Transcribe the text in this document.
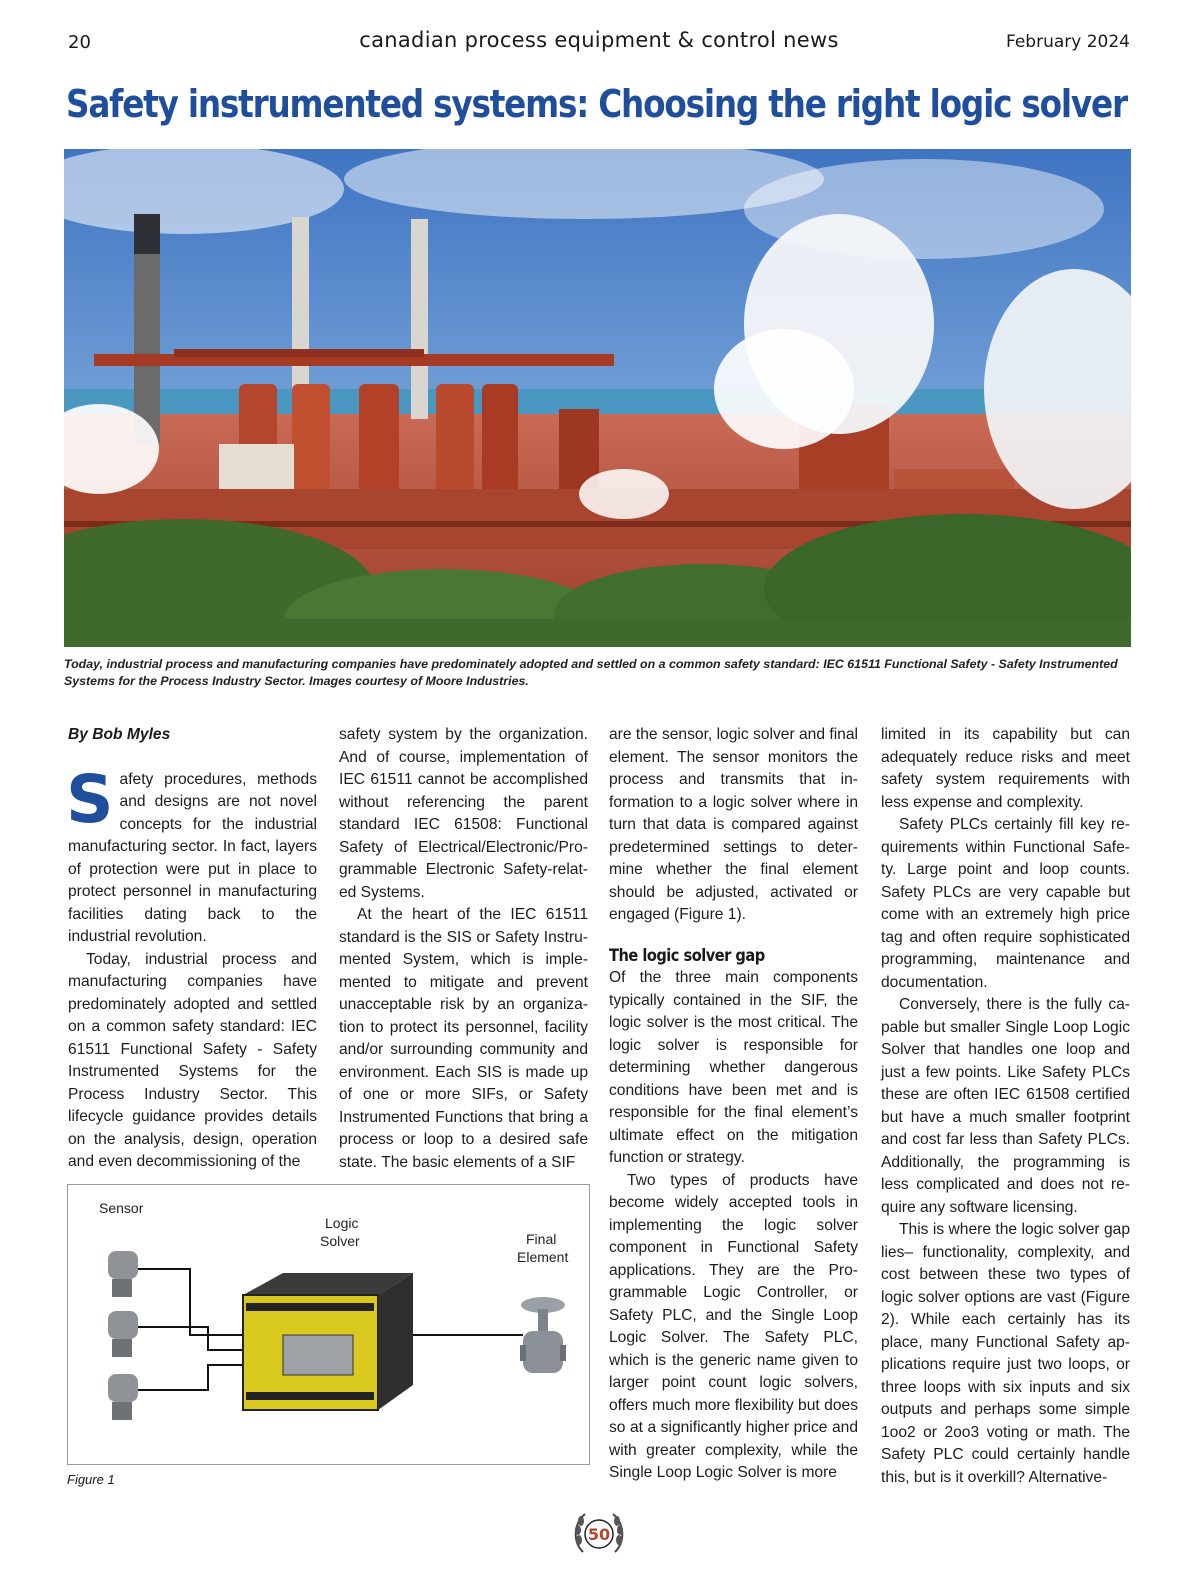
20	canadian process equipment & control news	February 2024
Safety instrumented systems: Choosing the right logic solver

Today, industrial process and manufacturing companies have predominately adopted and settled on a common safety standard: IEC 61511 Functional Safety - Safety Instrumented Systems for the Process Industry Sector. Images courtesy of Moore Industries.

By Bob Myles

Safety procedures, methods and designs are not novel concepts for the industrial manufacturing sector. In fact, layers of protection were put in place to protect personnel in manufacturing facilities dating back to the industrial revolution.

Today, industrial process and manufacturing companies have predominately adopted and settled on a common safety standard: IEC 61511 Functional Safety - Safety Instrumented Systems for the Process Industry Sector. This lifecycle guidance provides details on the analysis, design, operation and even decommissioning of the

safety system by the organization. And of course, implementation of IEC 61511 cannot be accomplished without referencing the parent standard IEC 61508: Functional Safety of Electrical/Electronic/Programmable Electronic Safety-related Systems.

At the heart of the IEC 61511 standard is the SIS or Safety Instrumented System, which is implemented to mitigate and prevent unacceptable risk by an organization to protect its personnel, facility and/or surrounding community and environment. Each SIS is made up of one or more SIFs, or Safety Instrumented Functions that bring a process or loop to a desired safe state. The basic elements of a SIF

are the sensor, logic solver and final element. The sensor monitors the process and transmits that information to a logic solver where in turn that data is compared against predetermined settings to determine whether the final element should be adjusted, activated or engaged (Figure 1).

The logic solver gap

Of the three main components typically contained in the SIF, the logic solver is the most critical. The logic solver is responsible for determining whether dangerous conditions have been met and is responsible for the final element’s ultimate effect on the mitigation function or strategy.

Two types of products have become widely accepted tools in implementing the logic solver component in Functional Safety applications. They are the Programmable Logic Controller, or Safety PLC, and the Single Loop Logic Solver. The Safety PLC, which is the generic name given to larger point count logic solvers, offers much more flexibility but does so at a significantly higher price and with greater complexity, while the Single Loop Logic Solver is more

limited in its capability but can adequately reduce risks and meet safety system requirements with less expense and complexity.

Safety PLCs certainly fill key requirements within Functional Safety. Large point and loop counts. Safety PLCs are very capable but come with an extremely high price tag and often require sophisticated programming, maintenance and documentation.

Conversely, there is the fully capable but smaller Single Loop Logic Solver that handles one loop and just a few points. Like Safety PLCs these are often IEC 61508 certified but have a much smaller footprint and cost far less than Safety PLCs. Additionally, the programming is less complicated and does not require any software licensing.

This is where the logic solver gap lies– functionality, complexity, and cost between these two types of logic solver options are vast (Figure 2). While each certainly has its place, many Functional Safety applications require just two loops, or three loops with six inputs and six outputs and perhaps some simple 1oo2 or 2oo3 voting or math. The Safety PLC could certainly handle this, but is it overkill? Alternative-

Sensor
Logic
Solver	Final
Element

Figure 1

50
